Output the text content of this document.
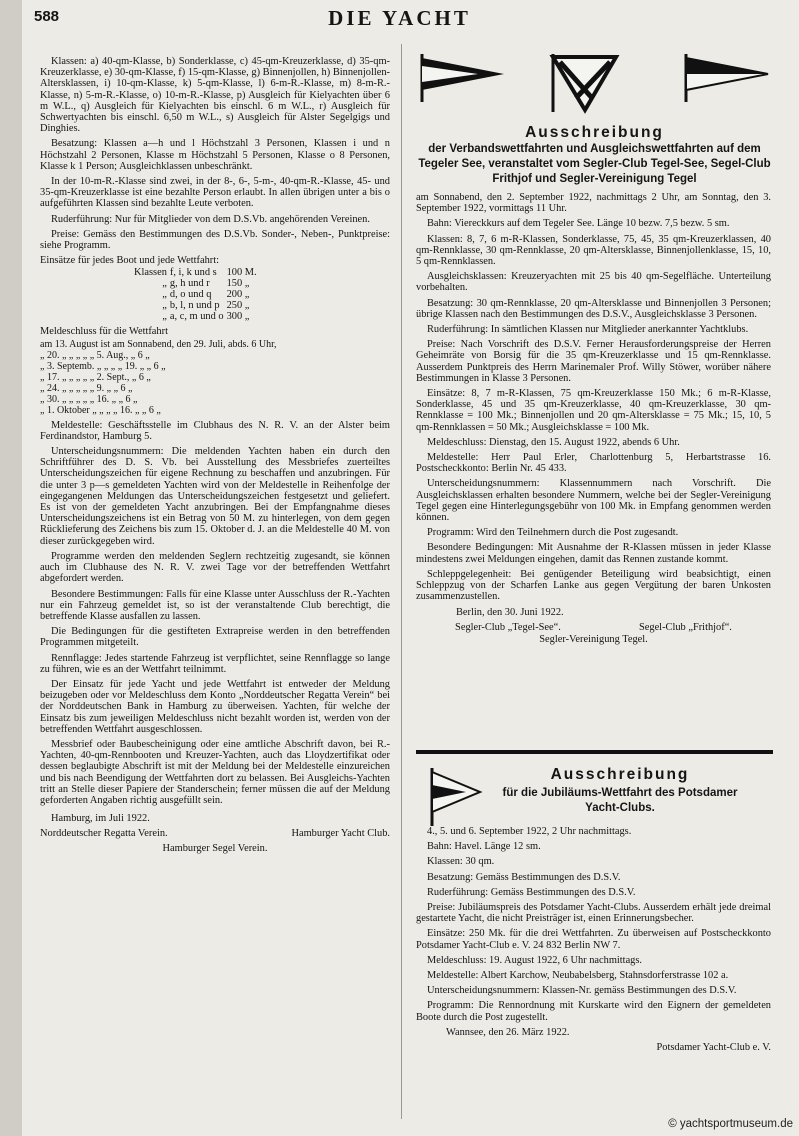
DIE YACHT
588

Klassen: a) 40-qm-Klasse, b) Sonderklasse, c) 45-qm-Kreuzerklasse, d) 35-qm-Kreuzerklasse, e) 30-qm-Klasse, f) 15-qm-Klasse, g) Binnenjollen, h) Binnenjollen-Altersklassen, i) 10-qm-Klasse, k) 5-qm-Klasse, l) 6-m-R.-Klasse, m) 8-m-R.-Klasse, n) 5-m-R.-Klasse, o) 10-m-R.-Klasse, p) Ausgleich für Kielyachten über 6 m W.L., q) Ausgleich für Kielyachten bis einschl. 6 m W.L., r) Ausgleich für Schwertyachten bis einschl. 6,50 m W.L., s) Ausgleich für Alster Segelgigs und Dinghies.

Besatzung: Klassen a—h und l Höchstzahl 3 Personen, Klassen i und n Höchstzahl 2 Personen, Klasse m Höchstzahl 5 Personen, Klasse o 8 Personen, Klasse k 1 Person; Ausgleichklassen unbeschränkt.

In der 10-m-R.-Klasse sind zwei, in der 8-, 6-, 5-m-, 40-qm-R.-Klasse, 45- und 35-qm-Kreuzerklasse ist eine bezahlte Person erlaubt. In allen übrigen unter a bis o aufgeführten Klassen sind bezahlte Leute verboten.

Ruderführung: Nur für Mitglieder von dem D.S.Vb. angehörenden Vereinen.

Preise: Gemäss den Bestimmungen des D.S.Vb. Sonder-, Neben-, Punktpreise: siehe Programm.

Einsätze für jedes Boot und jede Wettfahrt:

Klassen	f, i, k und s	100 M.
„	g, h und r	150 „
„	d, o und q	200 „
„	b, l, n und p	250 „
„	a, c, m und o	300 „

Meldeschluss für die Wettfahrt

am 13. August ist am Sonnabend, den 29. Juli, abds. 6 Uhr,
„ 20. „ „ „ „ „ 5. Aug., „ 6 „
„ 3. Septemb. „ „ „ „ 19. „ „ 6 „
„ 17. „ „ „ „ „ 2. Sept., „ 6 „
„ 24. „ „ „ „ „ 9. „ „ 6 „
„ 30. „ „ „ „ „ 16. „ „ 6 „
„ 1. Oktober „ „ „ „ 16. „ „ 6 „

Meldestelle: Geschäftsstelle im Clubhaus des N. R. V. an der Alster beim Ferdinandstor, Hamburg 5.

Unterscheidungsnummern: Die meldenden Yachten haben ein durch den Schriftführer des D. S. Vb. bei Ausstellung des Messbriefes zuerteiltes Unterscheidungszeichen für eigene Rechnung zu beschaffen und anzubringen. Für die unter 3 p—s gemeldeten Yachten wird von der Meldestelle in Reihenfolge der eingegangenen Meldungen das Unterscheidungszeichen festgesetzt und geliefert. Es ist von der gemeldeten Yacht anzubringen. Bei der Empfangnahme dieses Unterscheidungszeichens ist ein Betrag von 50 M. zu hinterlegen, von dem gegen Rücklieferung des Zeichens bis zum 15. Oktober d. J. an die Meldestelle 40 M. von dieser zurückgegeben wird.

Programme werden den meldenden Seglern rechtzeitig zugesandt, sie können auch im Clubhause des N. R. V. zwei Tage vor der betreffenden Wettfahrt abgefordert werden.

Besondere Bestimmungen: Falls für eine Klasse unter Ausschluss der R.-Yachten nur ein Fahrzeug gemeldet ist, so ist der veranstaltende Club berechtigt, die betreffende Klasse ausfallen zu lassen.

Die Bedingungen für die gestifteten Extrapreise werden in den betreffenden Programmen mitgeteilt.

Rennflagge: Jedes startende Fahrzeug ist verpflichtet, seine Rennflagge so lange zu führen, wie es an der Wettfahrt teilnimmt.

Der Einsatz für jede Yacht und jede Wettfahrt ist entweder der Meldung beizugeben oder vor Meldeschluss dem Konto „Norddeutscher Regatta Verein“ bei der Norddeutschen Bank in Hamburg zu überweisen. Yachten, für welche der Einsatz bis zum jeweiligen Meldeschluss nicht bezahlt worden ist, werden von der betreffenden Wettfahrt ausgeschlossen.

Messbrief oder Baubescheinigung oder eine amtliche Abschrift davon, bei R.-Yachten, 40-qm-Rennbooten und Kreuzer-Yachten, auch das Lloydzertifikat oder dessen beglaubigte Abschrift ist mit der Meldung bei der Meldestelle einzureichen und bis nach Beendigung der Wettfahrten dort zu belassen. Bei Ausgleichs-Yachten tritt an Stelle dieser Papiere der Standerschein; ferner müssen die auf der Meldung geforderten Angaben richtig ausgefüllt sein.

Hamburg, im Juli 1922.

Norddeutscher Regatta Verein.	Hamburger Yacht Club.
Hamburger Segel Verein.
Ausschreibung
der Verbandswettfahrten und Ausgleichswettfahrten auf dem Tegeler See, veranstaltet vom Segler-Club Tegel-See, Segel-Club Frithjof und Segler-Vereinigung Tegel

am Sonnabend, den 2. September 1922, nachmittags 2 Uhr, am Sonntag, den 3. September 1922, vormittags 11 Uhr.

Bahn: Viereckkurs auf dem Tegeler See. Länge 10 bezw. 7,5 bezw. 5 sm.

Klassen: 8, 7, 6 m-R-Klassen, Sonderklasse, 75, 45, 35 qm-Kreuzerklassen, 40 qm-Rennklasse, 30 qm-Rennklasse, 20 qm-Altersklasse, Binnenjollenklasse, 15, 10, 5 qm-Rennklassen.

Ausgleichsklassen: Kreuzeryachten mit 25 bis 40 qm-Segelfläche. Unterteilung vorbehalten.

Besatzung: 30 qm-Rennklasse, 20 qm-Altersklasse und Binnenjollen 3 Personen; übrige Klassen nach den Bestimmungen des D.S.V., Ausgleichsklasse 3 Personen.

Ruderführung: In sämtlichen Klassen nur Mitglieder anerkannter Yachtklubs.

Preise: Nach Vorschrift des D.S.V. Ferner Herausforderungspreise der Herren Geheimräte von Borsig für die 35 qm-Kreuzerklasse und 15 qm-Rennklasse. Ausserdem Punktpreis des Herrn Marinemaler Prof. Willy Stöwer, worüber nähere Bestimmungen in Klasse 3 Personen.

Einsätze: 8, 7 m-R-Klassen, 75 qm-Kreuzerklasse 150 Mk.; 6 m-R-Klasse, Sonderklasse, 45 und 35 qm-Kreuzerklasse, 40 qm-Kreuzerklasse, 30 qm-Rennklasse = 100 Mk.; Binnenjollen und 20 qm-Altersklasse = 75 Mk.; 15, 10, 5 qm-Rennklassen = 50 Mk.; Ausgleichsklasse = 100 Mk.

Meldeschluss: Dienstag, den 15. August 1922, abends 6 Uhr.

Meldestelle: Herr Paul Erler, Charlottenburg 5, Herbartstrasse 16. Postscheckkonto: Berlin Nr. 45 433.

Unterscheidungsnummern: Klassennummern nach Vorschrift. Die Ausgleichsklassen erhalten besondere Nummern, welche bei der Segler-Vereinigung Tegel gegen eine Hinterlegungsgebühr von 100 Mk. in Empfang genommen werden können.

Programm: Wird den Teilnehmern durch die Post zugesandt.

Besondere Bedingungen: Mit Ausnahme der R-Klassen müssen in jeder Klasse mindestens zwei Meldungen eingehen, damit das Rennen zustande kommt.

Schleppgelegenheit: Bei genügender Beteiligung wird beabsichtigt, einen Schleppzug von der Scharfen Lanke aus gegen Vergütung der baren Unkosten zusammenzustellen.

Berlin, den 30. Juni 1922.

Segler-Club „Tegel-See“.	Segel-Club „Frithjof“.
Segler-Vereinigung Tegel.
Ausschreibung
für die Jubiläums-Wettfahrt des Potsdamer Yacht-Clubs.

4., 5. und 6. September 1922, 2 Uhr nachmittags.

Bahn: Havel. Länge 12 sm.

Klassen: 30 qm.

Besatzung: Gemäss Bestimmungen des D.S.V.

Ruderführung: Gemäss Bestimmungen des D.S.V.

Preise: Jubiläumspreis des Potsdamer Yacht-Clubs. Ausserdem erhält jede dreimal gestartete Yacht, die nicht Preisträger ist, einen Erinnerungsbecher.

Einsätze: 250 Mk. für die drei Wettfahrten. Zu überweisen auf Postscheckkonto Potsdamer Yacht-Club e. V. 24 832 Berlin NW 7.

Meldeschluss: 19. August 1922, 6 Uhr nachmittags.

Meldestelle: Albert Karchow, Neubabelsberg, Stahnsdorferstrasse 102 a.

Unterscheidungsnummern: Klassen-Nr. gemäss Bestimmungen des D.S.V.

Programm: Die Rennordnung mit Kurskarte wird den Eignern der gemeldeten Boote durch die Post zugestellt.

Wannsee, den 26. März 1922.

Potsdamer Yacht-Club e. V.
© yachtsportmuseum.de
